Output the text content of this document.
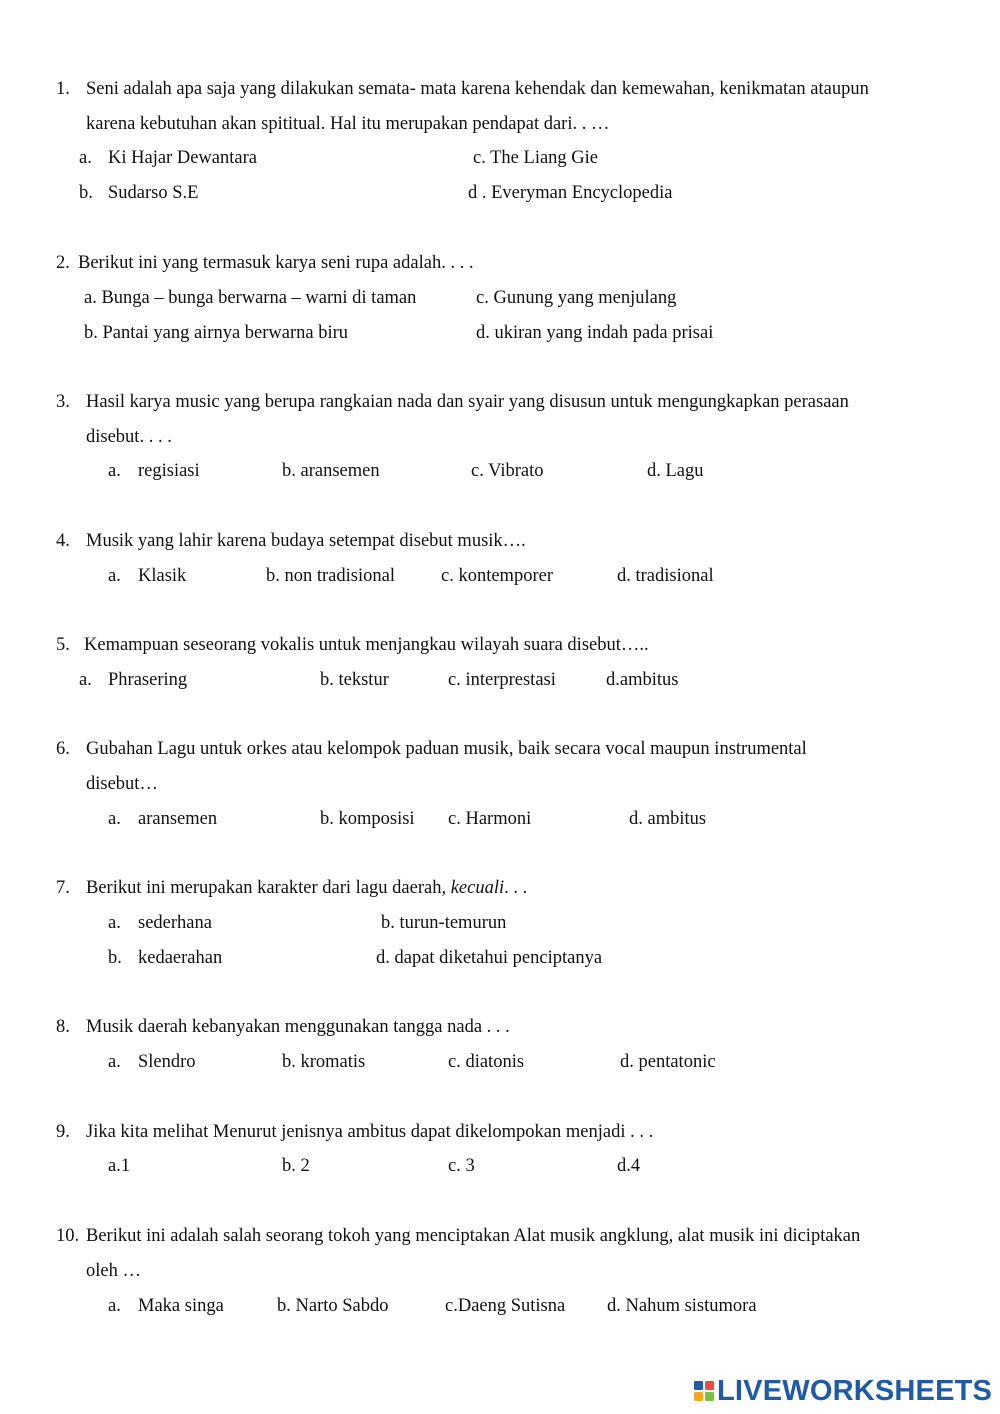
1. Seni adalah apa saja yang dilakukan semata- mata karena kehendak dan kemewahan, kenikmatan ataupun
karena kebutuhan akan spititual. Hal itu merupakan pendapat dari. . …
a. Ki Hajar Dewantara	c. The Liang Gie
b. Sudarso S.E	d . Everyman Encyclopedia
2. Berikut ini yang termasuk karya seni rupa adalah. . . .
a. Bunga – bunga berwarna – warni di taman	c. Gunung yang menjulang
b. Pantai yang airnya berwarna biru	d. ukiran yang indah pada prisai
3. Hasil karya music yang berupa rangkaian nada dan syair yang disusun untuk mengungkapkan perasaan
disebut. . . .
a. regisiasi	b. aransemen	c. Vibrato	d. Lagu
4. Musik yang lahir karena budaya setempat disebut musik….
a. Klasik	b. non tradisional c. kontemporer	d. tradisional
5. Kemampuan seseorang vokalis untuk menjangkau wilayah suara disebut…..
a. Phrasering	b. tekstur	c. interprestasi	d.ambitus
6. Gubahan Lagu untuk orkes atau kelompok paduan musik, baik secara vocal maupun instrumental
disebut…
a. aransemen	b. komposisi c. Harmoni	d. ambitus
7. Berikut ini merupakan karakter dari lagu daerah, kecuali. . .
a. sederhana	b. turun-temurun
b. kedaerahan	d. dapat diketahui penciptanya
8. Musik daerah kebanyakan menggunakan tangga nada . . .
a. Slendro	b. kromatis	c. diatonis	d. pentatonic
9. Jika kita melihat Menurut jenisnya ambitus dapat dikelompokan menjadi . . .
a.1	b. 2	c. 3	d.4
10. Berikut ini adalah salah seorang tokoh yang menciptakan Alat musik angklung, alat musik ini diciptakan
oleh …
a. Maka singa	b. Narto Sabdo	c.Daeng Sutisna d. Nahum sistumora
LIVEWORKSHEETS
